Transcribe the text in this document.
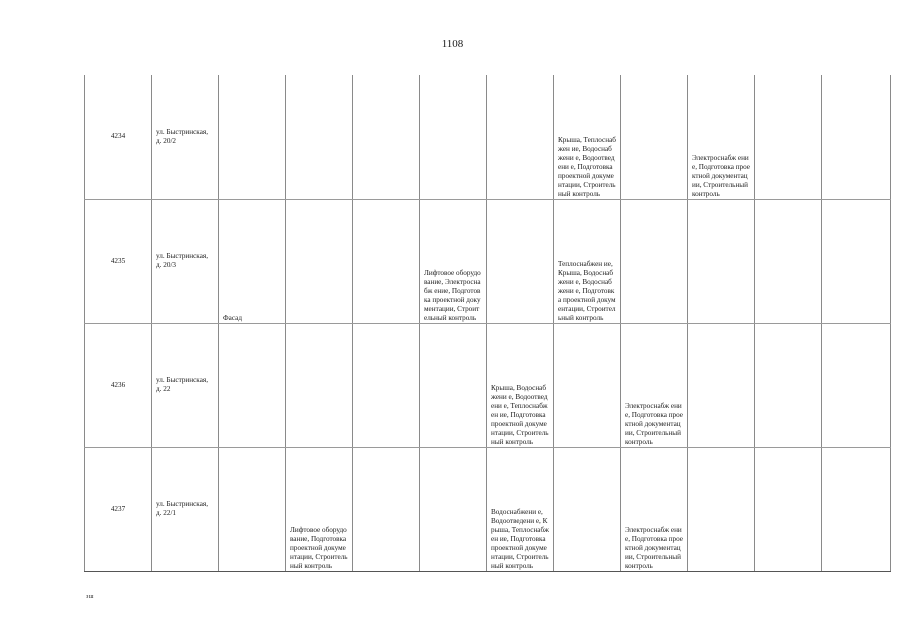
1108
4234	ул. Быстринская, д. 20/2						Крыша, Теплоснабжен ие, Водоснабжени е, Водоотведени е, Подготовка проектной документации, Строительный контроль		Электроснабж ение, Подготовка проектной документации, Строительный контроль		
4235	ул. Быстринская, д. 20/3	Фасад			Лифтовое оборудование, Электроснабж ение, Подготовка проектной документации, Строительный контроль		Теплоснабжен ие, Крыша, Водоснабжени е, Водоснабжени е, Подготовка проектной документации, Строительный контроль				
4236	ул. Быстринская, д. 22					Крыша, Водоснабжени е, Водоотведени е, Теплоснабжен ие, Подготовка проектной документации, Строительный контроль		Электроснабж ение, Подготовка проектной документации, Строительный контроль			
4237	ул. Быстринская, д. 22/1		Лифтовое оборудование, Подготовка проектной документации, Строительный контроль			Водоснабжени е, Водоотведени е, Крыша, Теплоснабжен ие, Подготовка проектной документации, Строительный контроль		Электроснабж ение, Подготовка проектной документации, Строительный контроль			
зш
